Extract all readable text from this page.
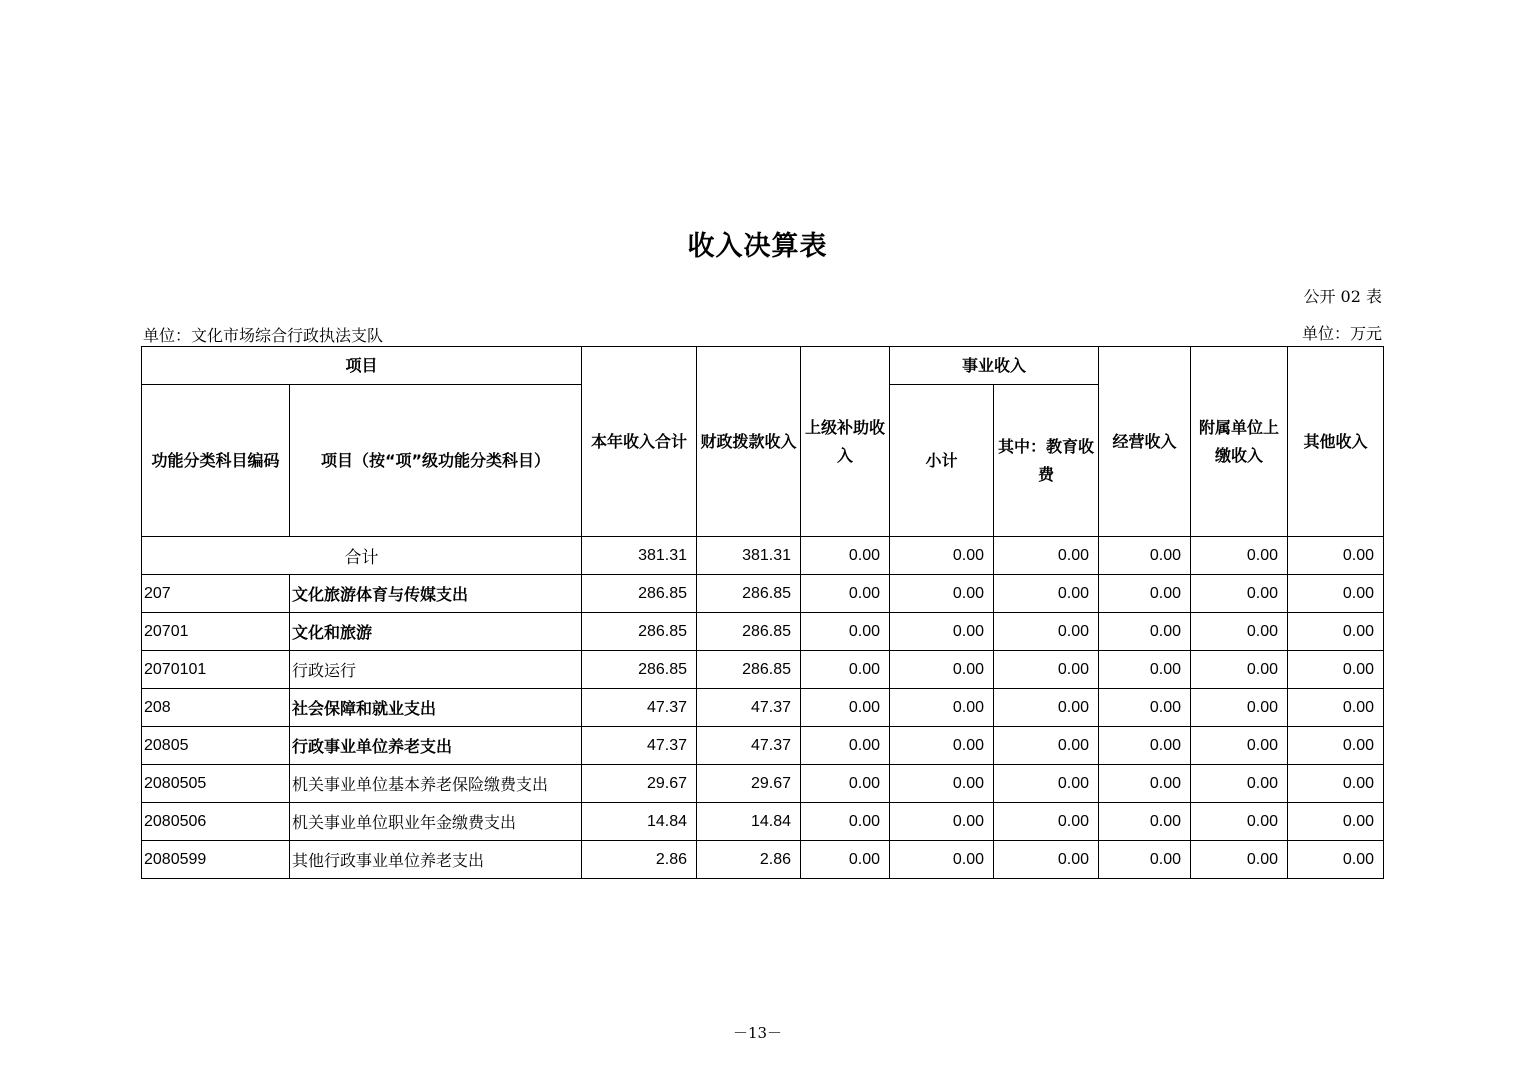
收入决算表
公开 02 表
单位：文化市场综合行政执法支队	单位：万元
项目		本年收入合计	财政拨款收入	上级补助收入	事业收入		经营收入	附属单位上缴收入	其他收入
功能分类科目编码	项目（按“项”级功能分类科目）				小计	其中：教育收费			
合计		381.31	381.31	0.00	0.00	0.00	0.00	0.00	0.00
207	文化旅游体育与传媒支出	286.85	286.85	0.00	0.00	0.00	0.00	0.00	0.00
20701	文化和旅游	286.85	286.85	0.00	0.00	0.00	0.00	0.00	0.00
2070101	行政运行	286.85	286.85	0.00	0.00	0.00	0.00	0.00	0.00
208	社会保障和就业支出	47.37	47.37	0.00	0.00	0.00	0.00	0.00	0.00
20805	行政事业单位养老支出	47.37	47.37	0.00	0.00	0.00	0.00	0.00	0.00
2080505	机关事业单位基本养老保险缴费支出	29.67	29.67	0.00	0.00	0.00	0.00	0.00	0.00
2080506	机关事业单位职业年金缴费支出	14.84	14.84	0.00	0.00	0.00	0.00	0.00	0.00
2080599	其他行政事业单位养老支出	2.86	2.86	0.00	0.00	0.00	0.00	0.00	0.00
－13－
